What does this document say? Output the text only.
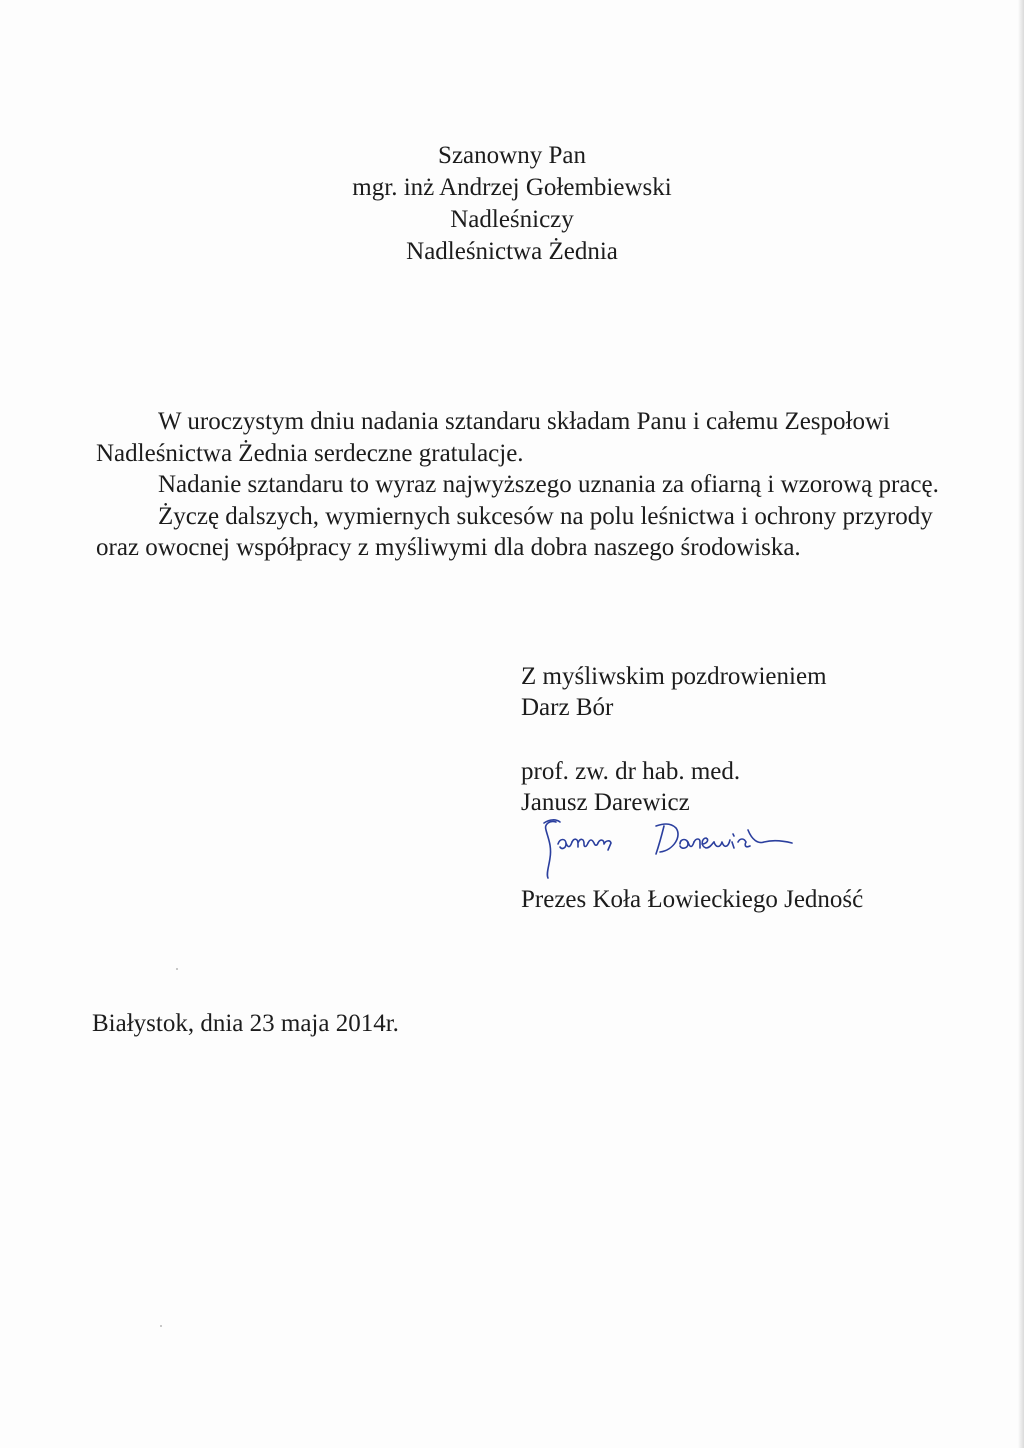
Szanowny Pan
mgr. inż Andrzej Gołembiewski
Nadleśniczy
Nadleśnictwa Żednia

W uroczystym dniu nadania sztandaru składam Panu i całemu Zespołowi Nadleśnictwa Żednia serdeczne gratulacje.

Nadanie sztandaru to wyraz najwyższego uznania za ofiarną i wzorową pracę.

Życzę dalszych, wymiernych sukcesów na polu leśnictwa i ochrony przyrody oraz owocnej współpracy z myśliwymi dla dobra naszego środowiska.

Z myśliwskim pozdrowieniem
Darz Bór
prof. zw. dr hab. med.
Janusz Darewicz
Prezes Koła Łowieckiego Jedność
Białystok, dnia 23 maja 2014r.
